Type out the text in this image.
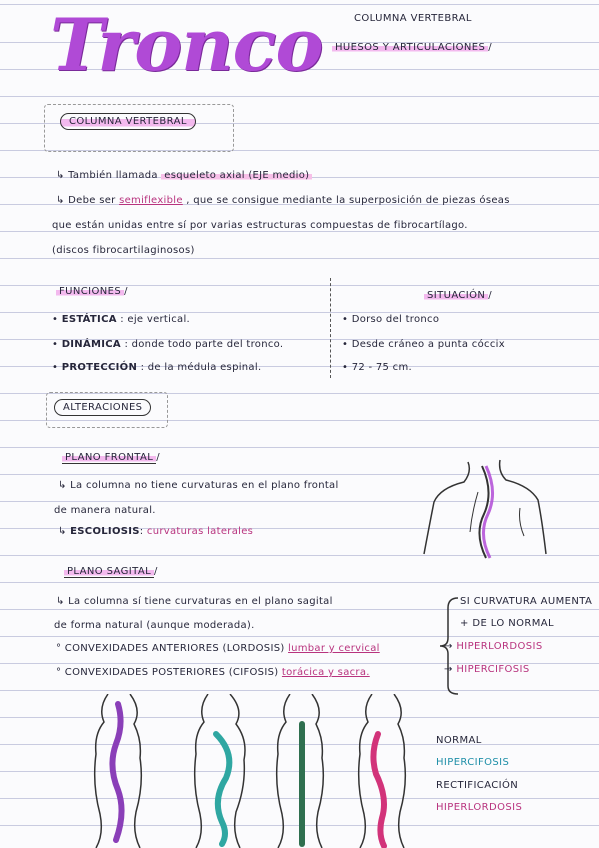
Tronco	COLUMNA VERTEBRAL
HUESOS Y ARTICULACIONES /
COLUMNA VERTEBRAL
↳ También llamada esqueleto axial (EJE medio)
↳ Debe ser semiflexible , que se consigue mediante la superposición de piezas óseas
que están unidas entre sí por varias estructuras compuestas de fibrocartílago.
(discos fibrocartilaginosos)
FUNCIONES /
• ESTÁTICA : eje vertical.
• DINÁMICA : donde todo parte del tronco.
• PROTECCIÓN : de la médula espinal.
SITUACIÓN /
• Dorso del tronco
• Desde cráneo a punta cóccix
• 72 - 75 cm.
ALTERACIONES
PLANO FRONTAL /
↳ La columna no tiene curvaturas en el plano frontal
de manera natural.
↳ ESCOLIOSIS: curvaturas laterales
PLANO SAGITAL /
↳ La columna sí tiene curvaturas en el plano sagital
de forma natural (aunque moderada).
° CONVEXIDADES ANTERIORES (LORDOSIS) lumbar y cervical
° CONVEXIDADES POSTERIORES (CIFOSIS) torácica y sacra.
SI CURVATURA AUMENTA
+ DE LO NORMAL
→ HIPERLORDOSIS
→ HIPERCIFOSIS
NORMAL
HIPERCIFOSIS
RECTIFICACIÓN
HIPERLORDOSIS
